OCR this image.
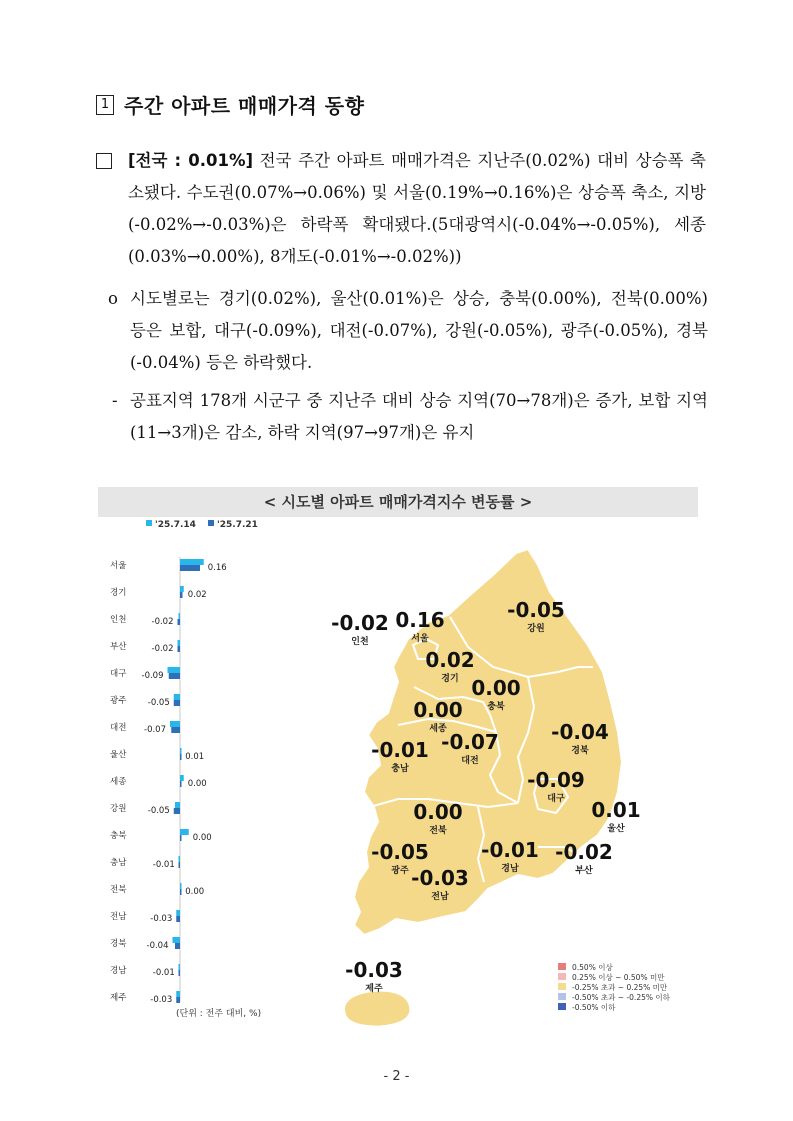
1 주간 아파트 매매가격 동향
[전국 : 0.01%] 전국 주간 아파트 매매가격은 지난주(0.02%) 대비 상승폭 축소됐다. 수도권(0.07%→0.06%) 및 서울(0.19%→0.16%)은 상승폭 축소, 지방(-0.02%→-0.03%)은 하락폭 확대됐다.(5대광역시(-0.04%→-0.05%), 세종(0.03%→0.00%), 8개도(-0.01%→-0.02%))
o 시도별로는 경기(0.02%), 울산(0.01%)은 상승, 충북(0.00%), 전북(0.00%) 등은 보합, 대구(-0.09%), 대전(-0.07%), 강원(-0.05%), 광주(-0.05%), 경북(-0.04%) 등은 하락했다.
- 공표지역 178개 시군구 중 지난주 대비 상승 지역(70→78개)은 증가, 보합 지역(11→3개)은 감소, 하락 지역(97→97개)은 유지
< 시도별 아파트 매매가격지수 변동률 >
'25.7.14 '25.7.21
서울	0.16
경기	0.02
인천	-0.02
부산	-0.02
대구 -0.09
광주	-0.05
대전 -0.07
울산	0.01
세종	0.00
강원	-0.05
충북	0.00
충남	-0.01
전북	0.00
전남	-0.03
경북 -0.04
경남	-0.01
제주	-0.03
-0.02
인천
0.16
서울
-0.05
강원
0.02
경기 0.00
충북
0.00
세종	-0.04
경북
-0.01
충남
-0.07
대전
-0.09
대구 0.01
울산
0.00
전북
-0.05
광주
-0.01
경남
-0.02
부산
-0.03
전남
-0.03
제주
0.50% 이상
0.25% 이상 ~ 0.50% 미만
-0.25% 초과 ~ 0.25% 미만
-0.50% 초과 ~ -0.25% 이하
-0.50% 이하
(단위 : 전주 대비, %)
- 2 -
